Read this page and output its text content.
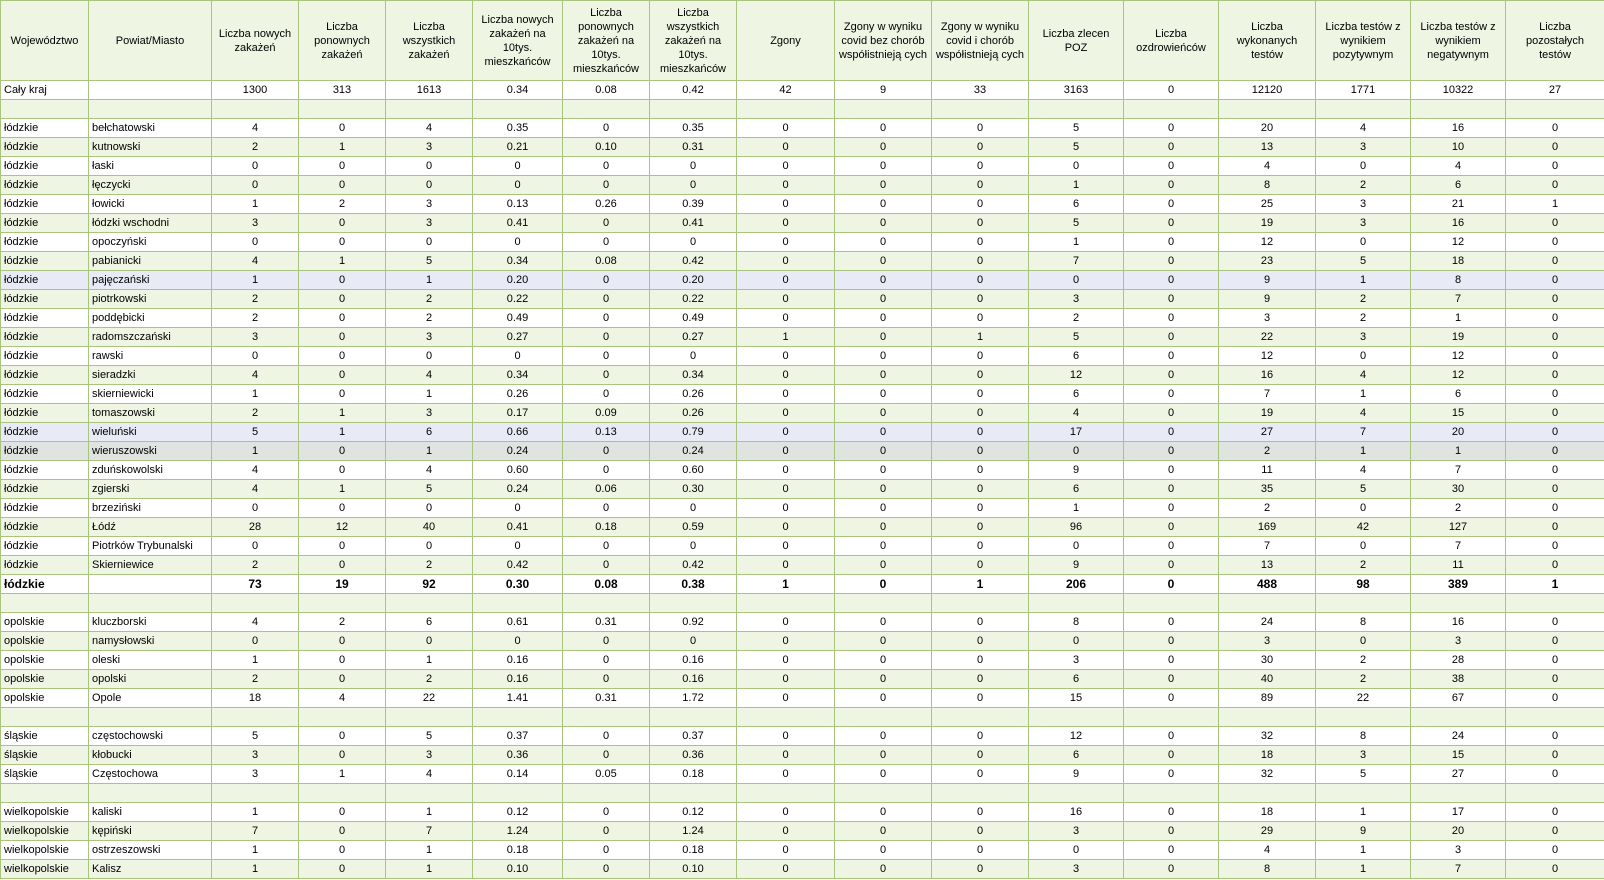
Województwo	Powiat/Miasto	Liczba nowych zakażeń	Liczba ponownych zakażeń	Liczba wszystkich zakażeń	Liczba nowych zakażeń na 10tys. mieszkańców	Liczba ponownych zakażeń na 10tys. mieszkańców	Liczba wszystkich zakażeń na 10tys. mieszkańców	Zgony	Zgony w wyniku covid bez chorób współistnieją cych	Zgony w wyniku covid i chorób współistnieją cych	Liczba zlecen POZ	Liczba ozdrowieńców	Liczba wykonanych testów	Liczba testów z wynikiem pozytywnym	Liczba testów z wynikiem negatywnym	Liczba pozostałych testów
Cały kraj		1300	313	1613	0.34	0.08	0.42	42	9	33	3163	0	12120	1771	10322	27

łódzkie	bełchatowski	4	0	4	0.35	0	0.35	0	0	0	5	0	20	4	16	0
łódzkie	kutnowski	2	1	3	0.21	0.10	0.31	0	0	0	5	0	13	3	10	0
łódzkie	łaski	0	0	0	0	0	0	0	0	0	0	0	4	0	4	0
łódzkie	łęczycki	0	0	0	0	0	0	0	0	0	1	0	8	2	6	0
łódzkie	łowicki	1	2	3	0.13	0.26	0.39	0	0	0	6	0	25	3	21	1
łódzkie	łódzki wschodni	3	0	3	0.41	0	0.41	0	0	0	5	0	19	3	16	0
łódzkie	opoczyński	0	0	0	0	0	0	0	0	0	1	0	12	0	12	0
łódzkie	pabianicki	4	1	5	0.34	0.08	0.42	0	0	0	7	0	23	5	18	0
łódzkie	pajęczański	1	0	1	0.20	0	0.20	0	0	0	0	0	9	1	8	0
łódzkie	piotrkowski	2	0	2	0.22	0	0.22	0	0	0	3	0	9	2	7	0
łódzkie	poddębicki	2	0	2	0.49	0	0.49	0	0	0	2	0	3	2	1	0
łódzkie	radomszczański	3	0	3	0.27	0	0.27	1	0	1	5	0	22	3	19	0
łódzkie	rawski	0	0	0	0	0	0	0	0	0	6	0	12	0	12	0
łódzkie	sieradzki	4	0	4	0.34	0	0.34	0	0	0	12	0	16	4	12	0
łódzkie	skierniewicki	1	0	1	0.26	0	0.26	0	0	0	6	0	7	1	6	0
łódzkie	tomaszowski	2	1	3	0.17	0.09	0.26	0	0	0	4	0	19	4	15	0
łódzkie	wieluński	5	1	6	0.66	0.13	0.79	0	0	0	17	0	27	7	20	0
łódzkie	wieruszowski	1	0	1	0.24	0	0.24	0	0	0	0	0	2	1	1	0
łódzkie	zduńskowolski	4	0	4	0.60	0	0.60	0	0	0	9	0	11	4	7	0
łódzkie	zgierski	4	1	5	0.24	0.06	0.30	0	0	0	6	0	35	5	30	0
łódzkie	brzeziński	0	0	0	0	0	0	0	0	0	1	0	2	0	2	0
łódzkie	Łódź	28	12	40	0.41	0.18	0.59	0	0	0	96	0	169	42	127	0
łódzkie	Piotrków Trybunalski	0	0	0	0	0	0	0	0	0	0	0	7	0	7	0
łódzkie	Skierniewice	2	0	2	0.42	0	0.42	0	0	0	9	0	13	2	11	0
łódzkie		73	19	92	0.30	0.08	0.38	1	0	1	206	0	488	98	389	1

opolskie	kluczborski	4	2	6	0.61	0.31	0.92	0	0	0	8	0	24	8	16	0
opolskie	namysłowski	0	0	0	0	0	0	0	0	0	0	0	3	0	3	0
opolskie	oleski	1	0	1	0.16	0	0.16	0	0	0	3	0	30	2	28	0
opolskie	opolski	2	0	2	0.16	0	0.16	0	0	0	6	0	40	2	38	0
opolskie	Opole	18	4	22	1.41	0.31	1.72	0	0	0	15	0	89	22	67	0

śląskie	częstochowski	5	0	5	0.37	0	0.37	0	0	0	12	0	32	8	24	0
śląskie	kłobucki	3	0	3	0.36	0	0.36	0	0	0	6	0	18	3	15	0
śląskie	Częstochowa	3	1	4	0.14	0.05	0.18	0	0	0	9	0	32	5	27	0

wielkopolskie	kaliski	1	0	1	0.12	0	0.12	0	0	0	16	0	18	1	17	0
wielkopolskie	kępiński	7	0	7	1.24	0	1.24	0	0	0	3	0	29	9	20	0
wielkopolskie	ostrzeszowski	1	0	1	0.18	0	0.18	0	0	0	0	0	4	1	3	0
wielkopolskie	Kalisz	1	0	1	0.10	0	0.10	0	0	0	3	0	8	1	7	0
